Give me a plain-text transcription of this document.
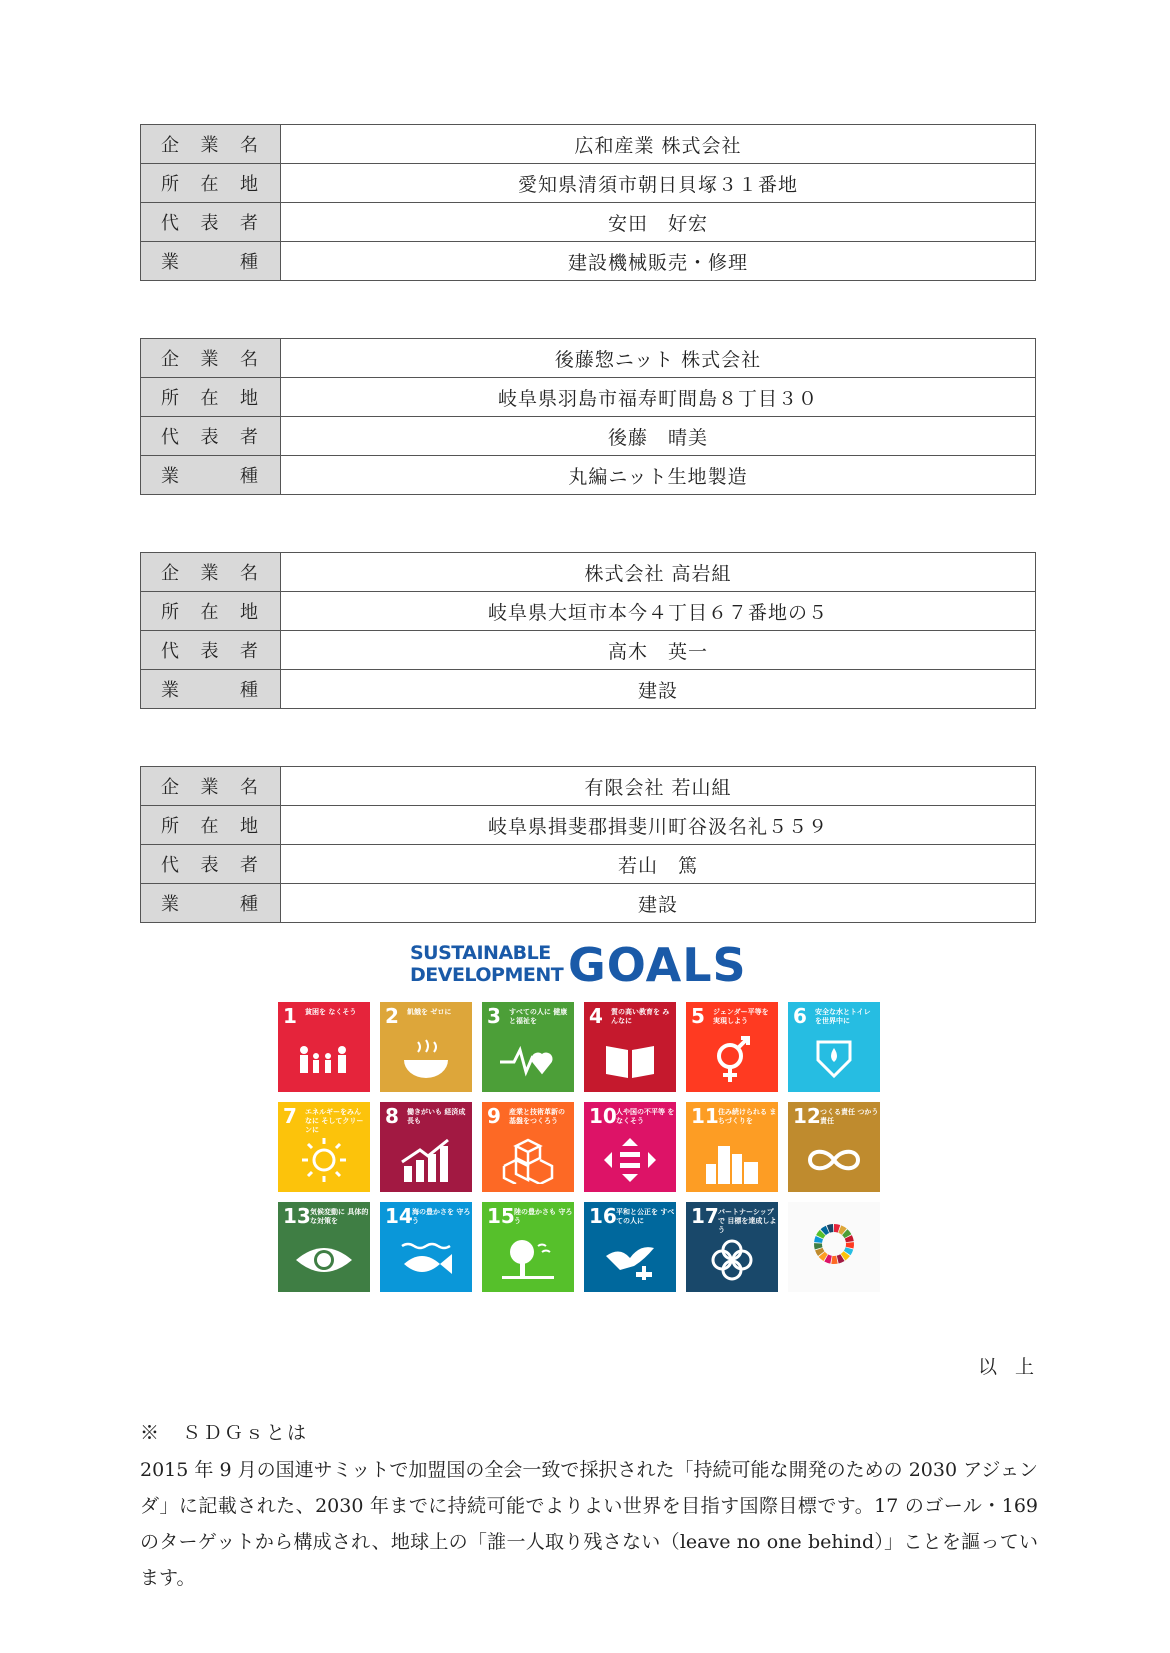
企業名	広和産業 株式会社
所在地	愛知県清須市朝日貝塚３１番地
代表者	安田　好宏
業種	建設機械販売・修理
企業名	後藤惣ニット 株式会社
所在地	岐阜県羽島市福寿町間島８丁目３０
代表者	後藤　晴美
業種	丸編ニット生地製造
企業名	株式会社 高岩組
所在地	岐阜県大垣市本今４丁目６７番地の５
代表者	高木　英一
業種	建設
企業名	有限会社 若山組
所在地	岐阜県揖斐郡揖斐川町谷汲名礼５５９
代表者	若山　篤
業種	建設
SUSTAINABLE
DEVELOPMENT GOALS
1 貧困を なくそう	2 飢餓を ゼロに	3 すべての人に 健康と福祉を	4 質の高い教育を みんなに	5 ジェンダー平等を 実現しよう	6 安全な水とトイレ を世界中に
7 エネルギーをみんなに そしてクリーンに
8 働きがいも 経済成長も	9 産業と技術革新の 基盤をつくろう	10 人や国の不平等 をなくそう	11 住み続けられる まちづくりを	12 つくる責任 つかう責任
13 気候変動に 具体的な対策を	14 海の豊かさを 守ろう	15 陸の豊かさも 守ろう	16 平和と公正を すべての人に	17 パートナーシップで 目標を達成しよう
以上
※　ＳＤＧｓとは
2015 年 9 月の国連サミットで加盟国の全会一致で採択された「持続可能な開発のための 2030 アジェンダ」に記載された、2030 年までに持続可能でよりよい世界を目指す国際目標です。17 のゴール・169 のターゲットから構成され、地球上の「誰一人取り残さない（leave no one behind）」ことを謳っています。
